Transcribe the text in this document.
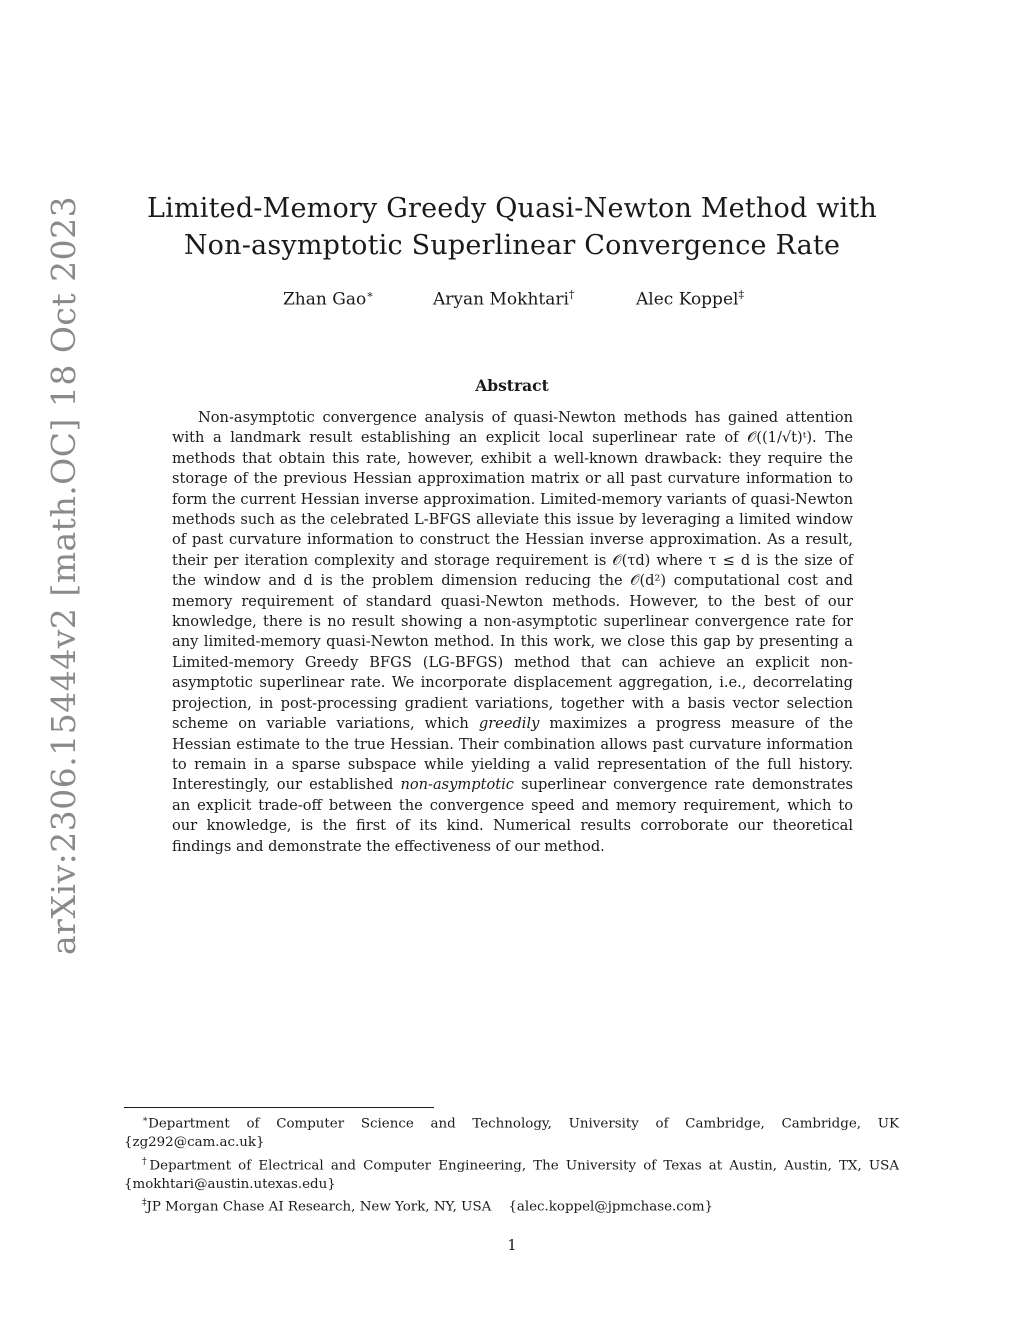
arXiv:2306.15444v2 [math.OC] 18 Oct 2023 Limited-Memory Greedy Quasi-Newton Method with Non-asymptotic Superlinear Convergence Rate
Zhan Gao∗	Aryan Mokhtari†	Alec Koppel‡
Abstract

Non-asymptotic convergence analysis of quasi-Newton methods has gained attention with a landmark result establishing an explicit local superlinear rate of 𝒪((1/√t)ᵗ). The methods that obtain this rate, however, exhibit a well-known drawback: they require the storage of the previous Hessian approximation matrix or all past curvature information to form the current Hessian inverse approximation. Limited-memory variants of quasi-Newton methods such as the celebrated L-BFGS alleviate this issue by leveraging a limited window of past curvature information to construct the Hessian inverse approximation. As a result, their per iteration complexity and storage requirement is 𝒪(τd) where τ ≤ d is the size of the window and d is the problem dimension reducing the 𝒪(d²) computational cost and memory requirement of standard quasi-Newton methods. However, to the best of our knowledge, there is no result showing a non-asymptotic superlinear convergence rate for any limited-memory quasi-Newton method. In this work, we close this gap by presenting a Limited-memory Greedy BFGS (LG-BFGS) method that can achieve an explicit non-asymptotic superlinear rate. We incorporate displacement aggregation, i.e., decorrelating projection, in post-processing gradient variations, together with a basis vector selection scheme on variable variations, which greedily maximizes a progress measure of the Hessian estimate to the true Hessian. Their combination allows past curvature information to remain in a sparse subspace while yielding a valid representation of the full history. Interestingly, our established non-asymptotic superlinear convergence rate demonstrates an explicit trade-off between the convergence speed and memory requirement, which to our knowledge, is the first of its kind. Numerical results corroborate our theoretical findings and demonstrate the effectiveness of our method.

∗Department of Computer Science and Technology, University of Cambridge, Cambridge, UK {zg292@cam.ac.uk}

†Department of Electrical and Computer Engineering, The University of Texas at Austin, Austin, TX, USA {mokhtari@austin.utexas.edu}

‡JP Morgan Chase AI Research, New York, NY, USA    {alec.koppel@jpmchase.com}

1
